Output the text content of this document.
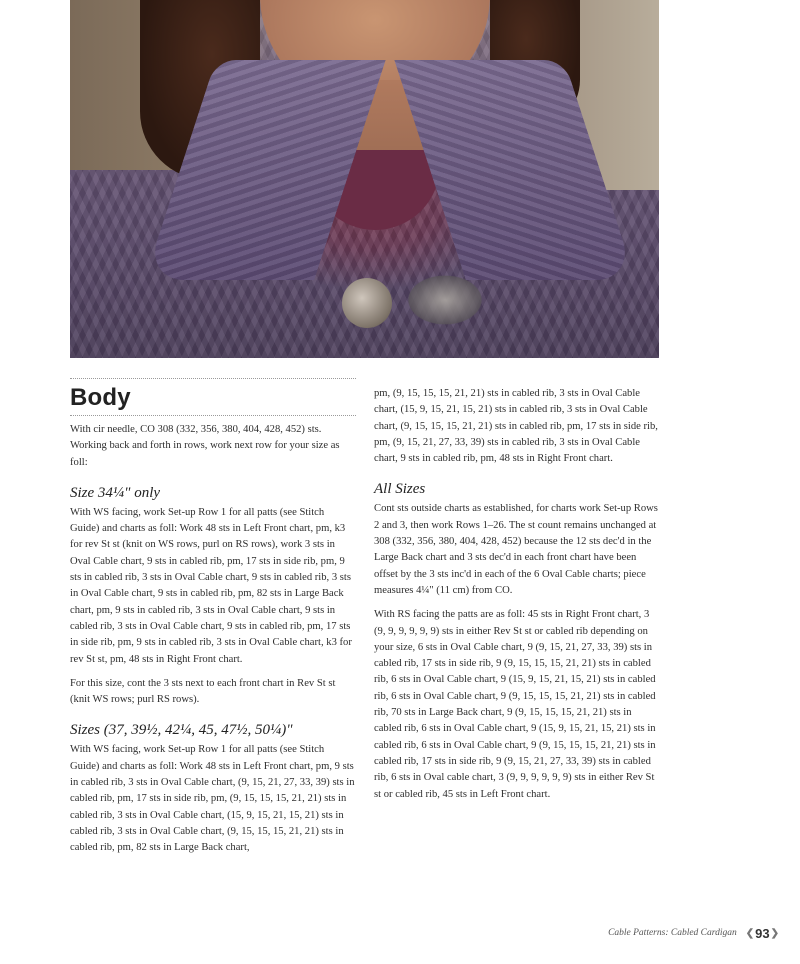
Body

With cir needle, CO 308 (332, 356, 380, 404, 428, 452) sts. Working back and forth in rows, work next row for your size as foll:

Size 34¼" only

With WS facing, work Set-up Row 1 for all patts (see Stitch Guide) and charts as foll: Work 48 sts in Left Front chart, pm, k3 for rev St st (knit on WS rows, purl on RS rows), work 3 sts in Oval Cable chart, 9 sts in cabled rib, pm, 17 sts in side rib, pm, 9 sts in cabled rib, 3 sts in Oval Cable chart, 9 sts in cabled rib, 3 sts in Oval Cable chart, 9 sts in cabled rib, pm, 82 sts in Large Back chart, pm, 9 sts in cabled rib, 3 sts in Oval Cable chart, 9 sts in cabled rib, 3 sts in Oval Cable chart, 9 sts in cabled rib, pm, 17 sts in side rib, pm, 9 sts in cabled rib, 3 sts in Oval Cable chart, k3 for rev St st, pm, 48 sts in Right Front chart.

For this size, cont the 3 sts next to each front chart in Rev St st (knit WS rows; purl RS rows).

Sizes (37, 39½, 42¼, 45, 47½, 50¼)"

With WS facing, work Set-up Row 1 for all patts (see Stitch Guide) and charts as foll: Work 48 sts in Left Front chart, pm, 9 sts in cabled rib, 3 sts in Oval Cable chart, (9, 15, 21, 27, 33, 39) sts in cabled rib, pm, 17 sts in side rib, pm, (9, 15, 15, 15, 21, 21) sts in cabled rib, 3 sts in Oval Cable chart, (15, 9, 15, 21, 15, 21) sts in cabled rib, 3 sts in Oval Cable chart, (9, 15, 15, 15, 21, 21) sts in cabled rib, pm, 82 sts in Large Back chart,

pm, (9, 15, 15, 15, 21, 21) sts in cabled rib, 3 sts in Oval Cable chart, (15, 9, 15, 21, 15, 21) sts in cabled rib, 3 sts in Oval Cable chart, (9, 15, 15, 15, 21, 21) sts in cabled rib, pm, 17 sts in side rib, pm, (9, 15, 21, 27, 33, 39) sts in cabled rib, 3 sts in Oval Cable chart, 9 sts in cabled rib, pm, 48 sts in Right Front chart.

All Sizes

Cont sts outside charts as established, for charts work Set-up Rows 2 and 3, then work Rows 1–26. The st count remains unchanged at 308 (332, 356, 380, 404, 428, 452) because the 12 sts dec'd in the Large Back chart and 3 sts dec'd in each front chart have been offset by the 3 sts inc'd in each of the 6 Oval Cable charts; piece measures 4¼" (11 cm) from CO.

With RS facing the patts are as foll: 45 sts in Right Front chart, 3 (9, 9, 9, 9, 9, 9) sts in either Rev St st or cabled rib depending on your size, 6 sts in Oval Cable chart, 9 (9, 15, 21, 27, 33, 39) sts in cabled rib, 17 sts in side rib, 9 (9, 15, 15, 15, 21, 21) sts in cabled rib, 6 sts in Oval Cable chart, 9 (15, 9, 15, 21, 15, 21) sts in cabled rib, 6 sts in Oval Cable chart, 9 (9, 15, 15, 15, 21, 21) sts in cabled rib, 70 sts in Large Back chart, 9 (9, 15, 15, 15, 21, 21) sts in cabled rib, 6 sts in Oval Cable chart, 9 (15, 9, 15, 21, 15, 21) sts in cabled rib, 6 sts in Oval Cable chart, 9 (9, 15, 15, 15, 21, 21) sts in cabled rib, 17 sts in side rib, 9 (9, 15, 21, 27, 33, 39) sts in cabled rib, 6 sts in Oval cable chart, 3 (9, 9, 9, 9, 9, 9) sts in either Rev St st or cabled rib, 45 sts in Left Front chart.

Cable Patterns: Cabled Cardigan ❮ 93 ❯
